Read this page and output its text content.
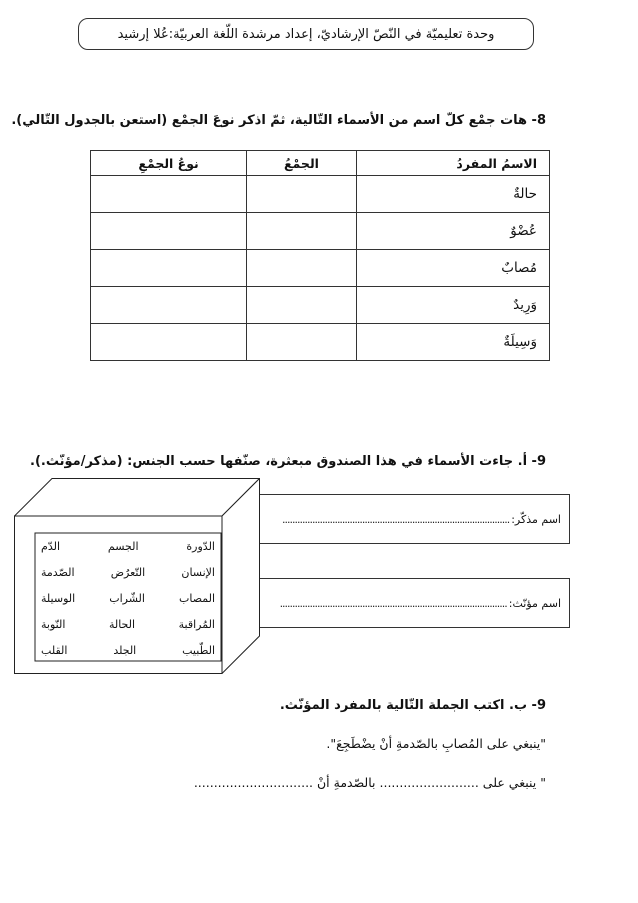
وحدة تعليميّة في النّصّ الإرشاديّ، إعداد مرشدة اللّغة العربيّة:عُلا إرشيد
8- هات جمْع كلّ اسم من الأسماء التّالية، ثمّ اذكر نوعَ الجمْع (استعن بالجدول التّالي).
الاسمُ المفردُ	الجمْعُ	نوعُ الجمْعِ
حالةٌ		
عُضْوٌ		
مُصابٌ		
وَرِيدٌ		
وَسِيلَةٌ		
9- أ. جاءت الأسماء في هذا الصندوق مبعثرة، صنّفها حسب الجنس: (مذكر/مؤنّث.).
اسم مذكّر:
...........................................................................................
اسم مؤنّث:
...........................................................................................
الدّورة
الجسم
الدّم
الإنسان
التّعرُض
الصّدمة
المصاب
الشّراب
الوسيلة
المُراقبة
الحالة
النّوبة
الطّبيب
الجلد
القلب
9- ب. اكتب الجملة التّالية بالمفرد المؤنّث.
"ينبغي على المُصابِ بالصّدمةِ أنْ يضْطَجِعَ".
" ينبغي على ......................... بالصّدمةِ أنْ ..............................
